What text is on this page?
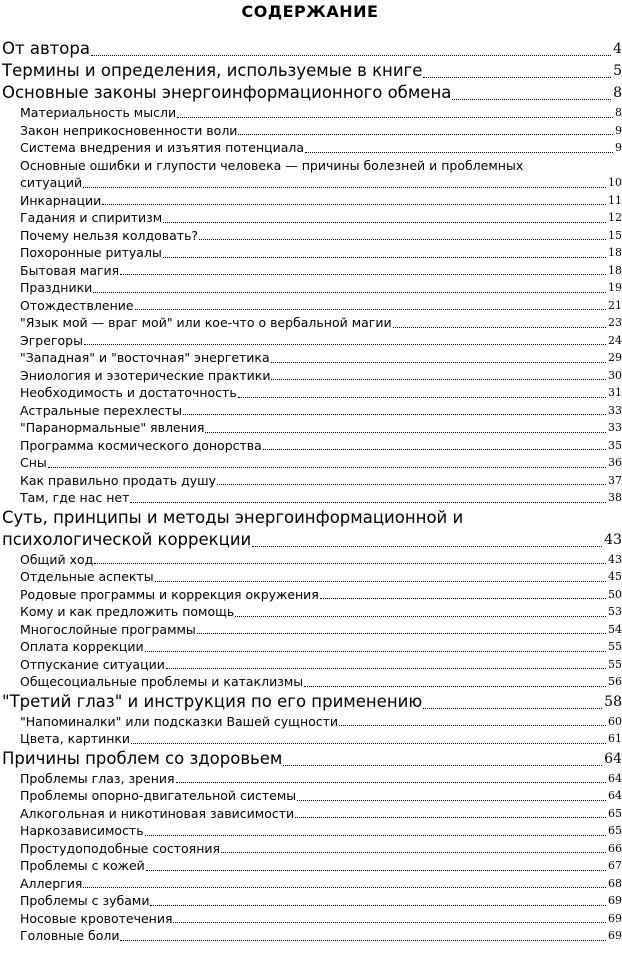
СОДЕРЖАНИЕ
От автора	4
Термины и определения, используемые в книге	5
Основные законы энергоинформационного обмена	8
Материальность мысли	8
Закон неприкосновенности воли	9
Система внедрения и изъятия потенциала	9
Основные ошибки и глупости человека — причины болезней и проблемных
ситуаций	10
Инкарнации	11
Гадания и спиритизм	12
Почему нельзя колдовать?	15
Похоронные ритуалы	18
Бытовая магия	18
Праздники	19
Отождествление	21
"Язык мой — враг мой" или кое-что о вербальной магии	23
Эгрегоры	24
"Западная" и "восточная" энергетика	29
Эниология и эзотерические практики	30
Необходимость и достаточность	31
Астральные перехлесты	33
"Паранормальные" явления	33
Программа космического донорства	35
Сны	36
Как правильно продать душу	37
Там, где нас нет	38
Суть, принципы и методы энергоинформационной и
психологической коррекции	43
Общий ход	43
Отдельные аспекты	45
Родовые программы и коррекция окружения	50
Кому и как предложить помощь	53
Многослойные программы	54
Оплата коррекции	55
Отпускание ситуации	55
Общесоциальные проблемы и катаклизмы	56
"Третий глаз" и инструкция по его применению	58
"Напоминалки" или подсказки Вашей сущности	60
Цвета, картинки	61
Причины проблем со здоровьем	64
Проблемы глаз, зрения	64
Проблемы опорно-двигательной системы	64
Алкогольная и никотиновая зависимости	65
Наркозависимость	65
Простудоподобные состояния	66
Проблемы с кожей	67
Аллергия	68
Проблемы с зубами	69
Носовые кровотечения	69
Головные боли	69
